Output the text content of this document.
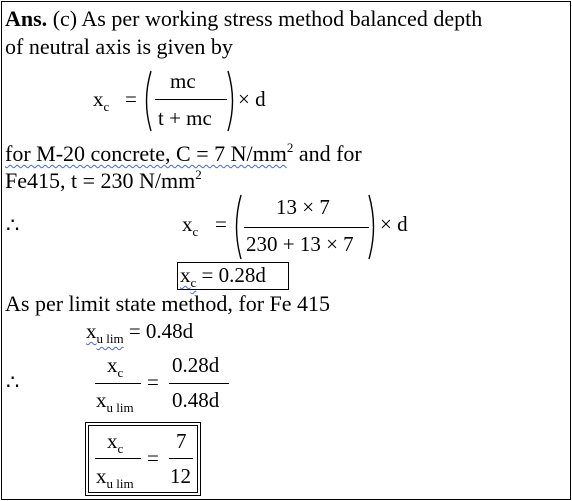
Ans. (c) As per working stress method balanced depth
of neutral axis is given by
$x_c$ =
mc
t + mc
× d
for M-20 concrete, C = 7 $N/mm^2$ and for
Fe415, t = 230 $N/mm^2$
∴	$x_c$ =
13 × 7
230 + 13 × 7
× d
$x_c = 0.28d$
As per limit state method, for Fe 415
$x_{u lim} = 0.48d$
∴
$x_c$
$x_{u lim}$
=
0.28d
0.48d
$x_c$
$x_{u lim}$
=
7
12
